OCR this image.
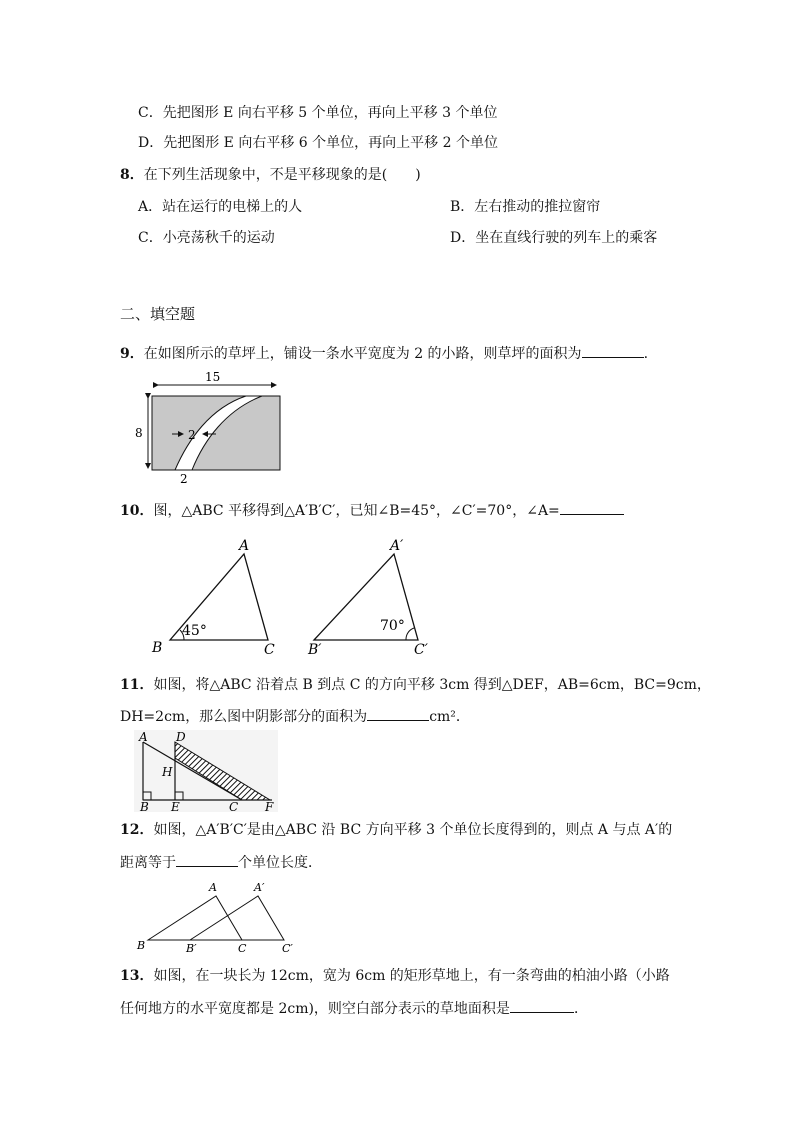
C．先把图形 E 向右平移 5 个单位，再向上平移 3 个单位
D．先把图形 E 向右平移 6 个单位，再向上平移 2 个单位
8．在下列生活现象中，不是平移现象的是(　　)
A．站在运行的电梯上的人	B．左右推动的推拉窗帘
C．小亮荡秋千的运动	D．坐在直线行驶的列车上的乘客
二、填空题
9．在如图所示的草坪上，铺设一条水平宽度为 2 的小路，则草坪的面积为	.
15
8	2
2
10．图，△ABC 平移得到△A′B′C′，已知∠B=45°，∠C′=70°，∠A=
A
B	C
45°
A′
B′	C′
70°
11．如图，将△ABC 沿着点 B 到点 C 的方向平移 3cm 得到△DEF，AB=6cm，BC=9cm，
DH=2cm，那么图中阴影部分的面积为	cm²．
A D
H
B E	C F
12．如图，△A′B′C′是由△ABC 沿 BC 方向平移 3 个单位长度得到的，则点 A 与点 A′的
距离等于	个单位长度．
A	A′
B	B′	C	C′
13．如图，在一块长为 12cm，宽为 6cm 的矩形草地上，有一条弯曲的柏油小路（小路
任何地方的水平宽度都是 2cm)，则空白部分表示的草地面积是	．
